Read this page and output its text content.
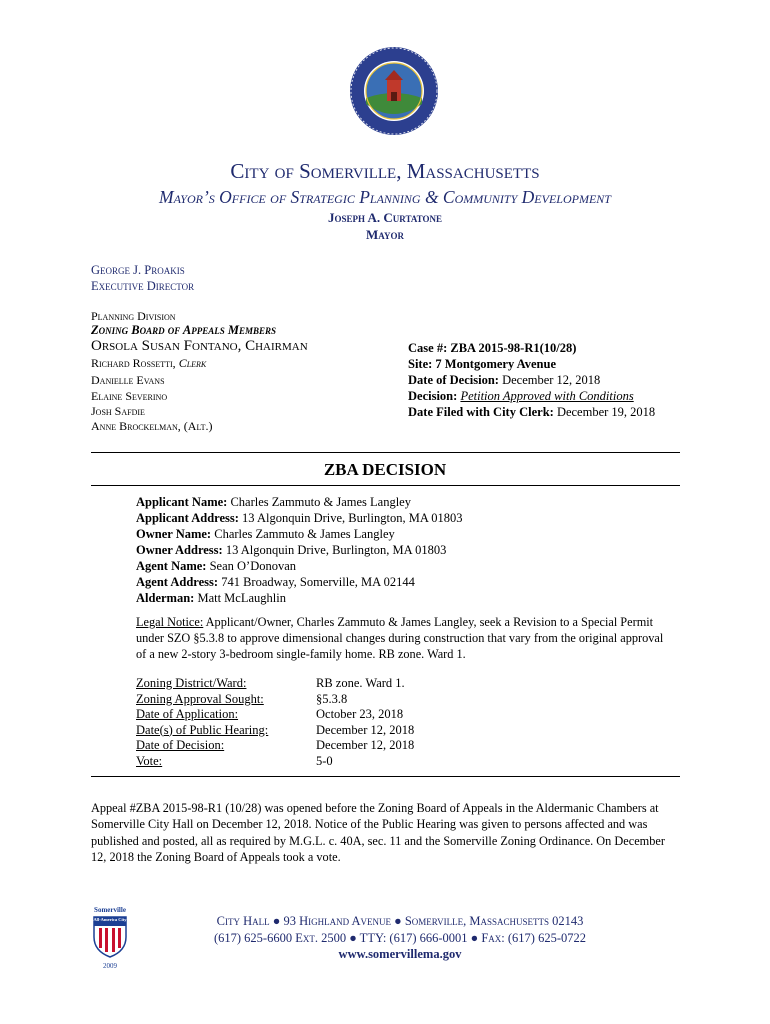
City of Somerville, Massachusetts
Mayor’s Office of Strategic Planning & Community Development
Joseph A. Curtatone
Mayor
George J. Proakis
Executive Director
Planning Division
Zoning Board of Appeals Members
Orsola Susan Fontano, Chairman
Richard Rossetti, Clerk
Danielle Evans
Elaine Severino
Josh Safdie
Anne Brockelman, (Alt.)
Case #: ZBA 2015-98-R1(10/28)
Site: 7 Montgomery Avenue
Date of Decision: December 12, 2018
Decision: Petition Approved with Conditions
Date Filed with City Clerk: December 19, 2018
ZBA DECISION
Applicant Name: Charles Zammuto & James Langley
Applicant Address: 13 Algonquin Drive, Burlington, MA 01803
Owner Name: Charles Zammuto & James Langley
Owner Address: 13 Algonquin Drive, Burlington, MA 01803
Agent Name: Sean O’Donovan
Agent Address: 741 Broadway, Somerville, MA 02144
Alderman: Matt McLaughlin
Legal Notice: Applicant/Owner, Charles Zammuto & James Langley, seek a Revision to a Special Permit
under SZO §5.3.8 to approve dimensional changes during construction that vary from the original approval
of a new 2-story 3-bedroom single-family home. RB zone. Ward 1.
Zoning District/Ward:
Zoning Approval Sought:
Date of Application:
Date(s) of Public Hearing:
Date of Decision:
Vote:
RB zone. Ward 1.
§5.3.8
October 23, 2018
December 12, 2018
December 12, 2018
5-0
Appeal #ZBA 2015-98-R1 (10/28) was opened before the Zoning Board of Appeals in the Aldermanic Chambers at
Somerville City Hall on December 12, 2018. Notice of the Public Hearing was given to persons affected and was
published and posted, all as required by M.G.L. c. 40A, sec. 11 and the Somerville Zoning Ordinance. On December
12, 2018 the Zoning Board of Appeals took a vote.
Somerville
All-America City
2009
City Hall ● 93 Highland Avenue ● Somerville, Massachusetts 02143
(617) 625-6600 Ext. 2500 ● TTY: (617) 666-0001 ● Fax: (617) 625-0722
www.somervillema.gov
